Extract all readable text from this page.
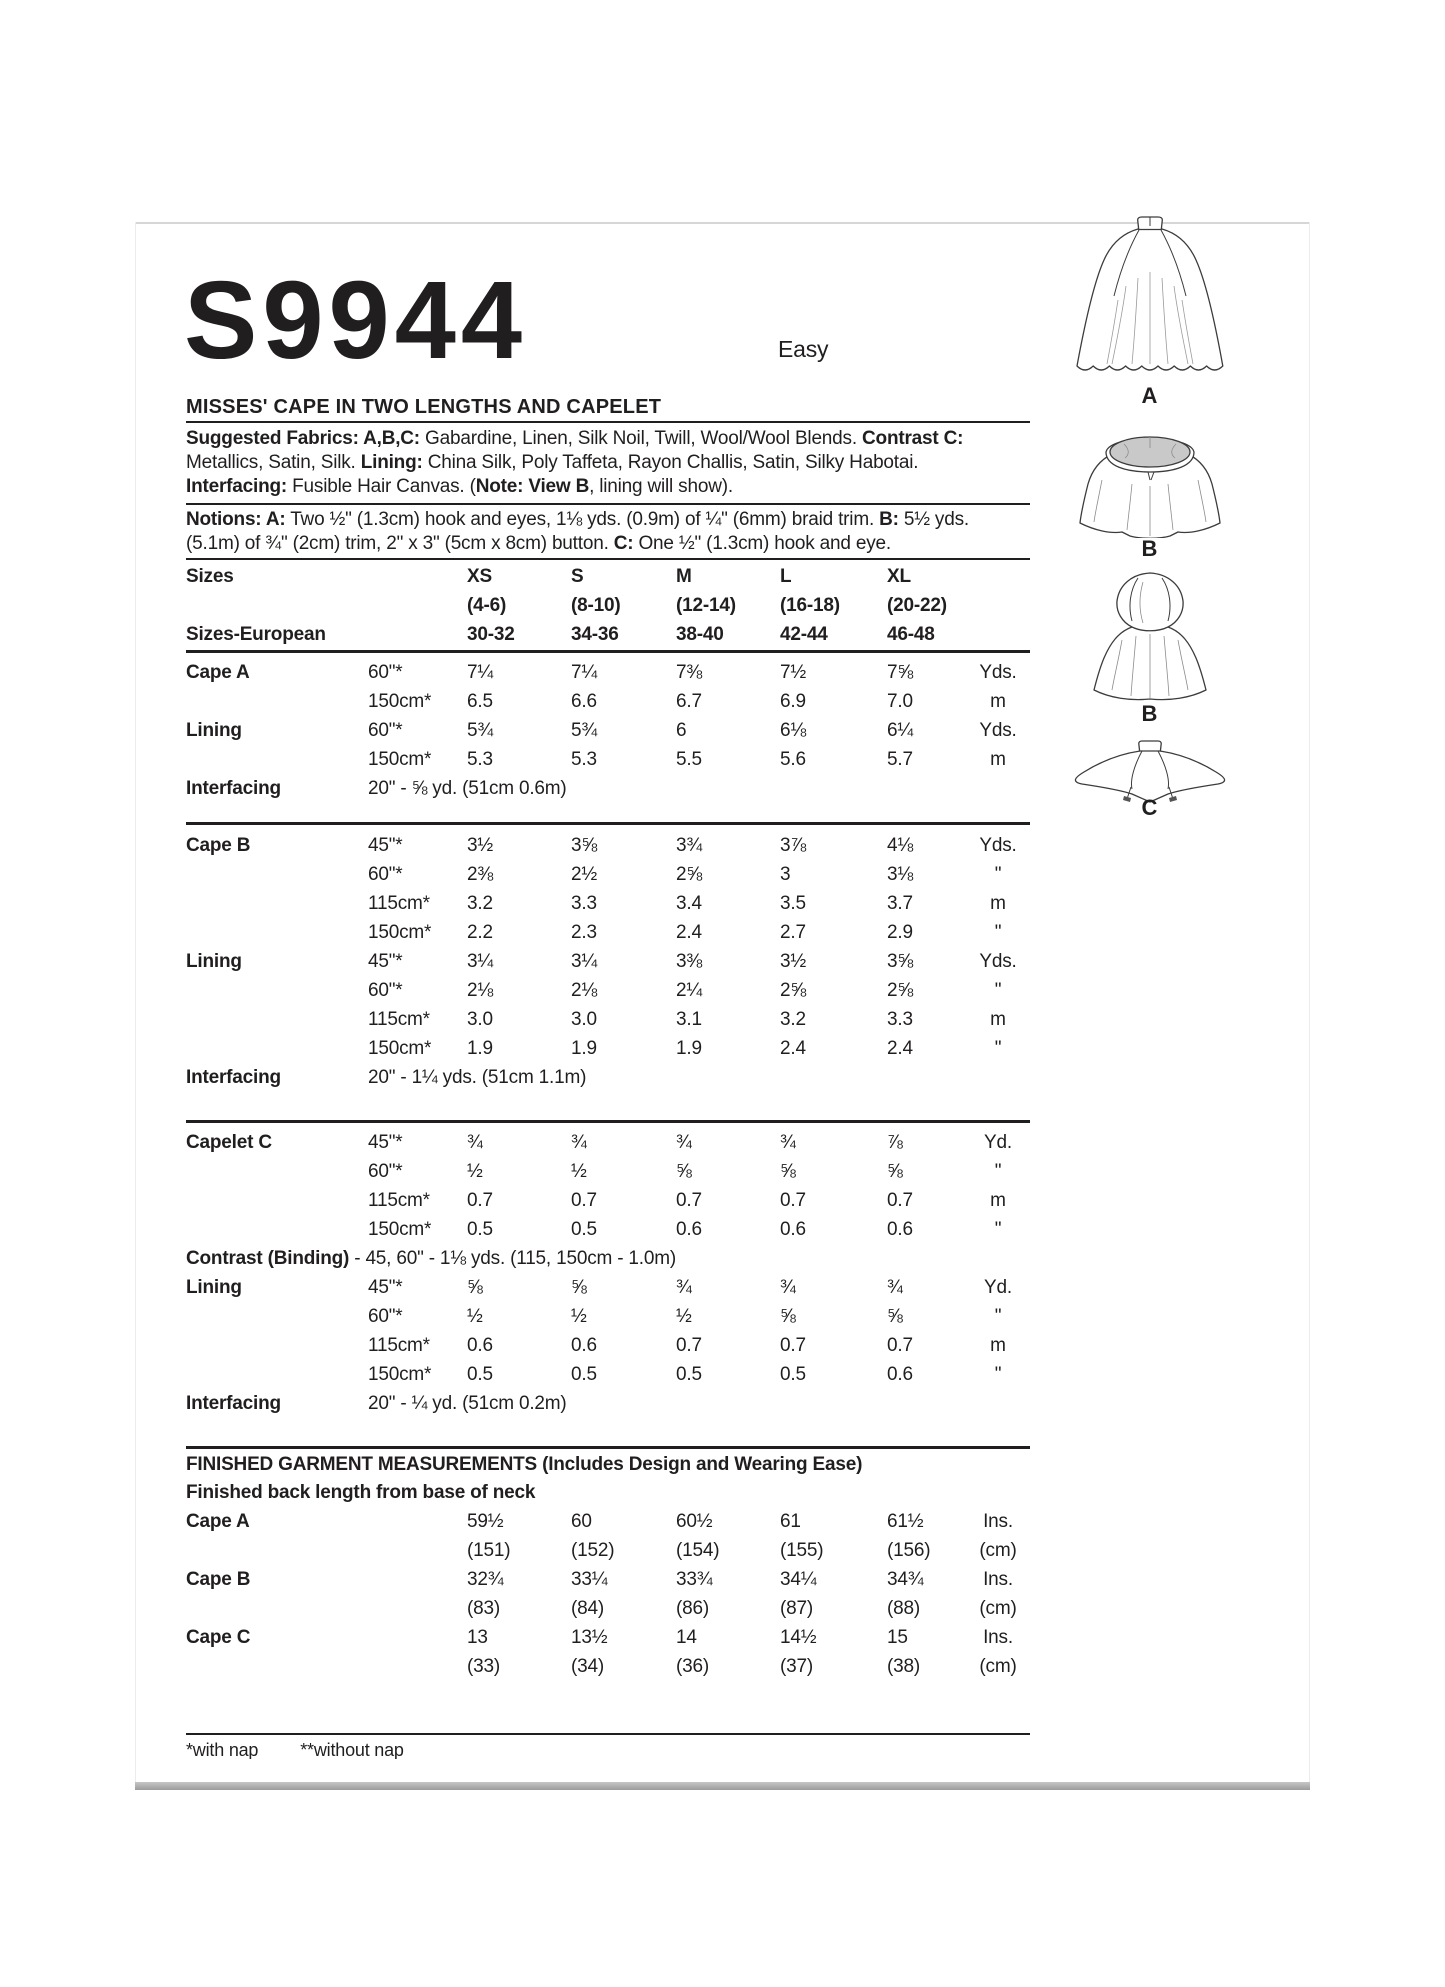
S9944	Easy
MISSES' CAPE IN TWO LENGTHS AND CAPELET
Suggested Fabrics: A,B,C: Gabardine, Linen, Silk Noil, Twill, Wool/Wool Blends. Contrast C:
Metallics, Satin, Silk. Lining: China Silk, Poly Taffeta, Rayon Challis, Satin, Silky Habotai.
Interfacing: Fusible Hair Canvas. (Note: View B, lining will show).
Notions: A: Two ½" (1.3cm) hook and eyes, 1⅛ yds. (0.9m) of ¼" (6mm) braid trim. B: 5½ yds.
(5.1m) of ¾" (2cm) trim, 2" x 3" (5cm x 8cm) button. C: One ½" (1.3cm) hook and eye.
Sizes	XS	S	M	L	XL
(4-6)	(8-10)	(12-14)	(16-18)	(20-22)
Sizes-European	30-32	34-36	38-40	42-44	46-48
Cape A	60"*	7¼	7¼	7⅜	7½	7⅝	Yds.
150cm*	6.5	6.6	6.7	6.9	7.0	m
Lining	60"*	5¾	5¾	6	6⅛	6¼	Yds.
150cm*	5.3	5.3	5.5	5.6	5.7	m
Interfacing	20" - ⅝ yd. (51cm 0.6m)
Cape B	45"*	3½	3⅝	3¾	3⅞	4⅛	Yds.
60"*	2⅜	2½	2⅝	3	3⅛	"
115cm*	3.2	3.3	3.4	3.5	3.7	m
150cm*	2.2	2.3	2.4	2.7	2.9	"
Lining	45"*	3¼	3¼	3⅜	3½	3⅝	Yds.
60"*	2⅛	2⅛	2¼	2⅝	2⅝	"
115cm*	3.0	3.0	3.1	3.2	3.3	m
150cm*	1.9	1.9	1.9	2.4	2.4	"
Interfacing	20" - 1¼ yds. (51cm 1.1m)
Capelet C	45"*	¾	¾	¾	¾	⅞	Yd.
60"*	½	½	⅝	⅝	⅝	"
115cm*	0.7	0.7	0.7	0.7	0.7	m
150cm*	0.5	0.5	0.6	0.6	0.6	"
Contrast (Binding) - 45, 60" - 1⅛ yds. (115, 150cm - 1.0m)
Lining	45"*	⅝	⅝	¾	¾	¾	Yd.
60"*	½	½	½	⅝	⅝	"
115cm*	0.6	0.6	0.7	0.7	0.7	m
150cm*	0.5	0.5	0.5	0.5	0.6	"
Interfacing	20" - ¼ yd. (51cm 0.2m)
FINISHED GARMENT MEASUREMENTS (Includes Design and Wearing Ease)
Finished back length from base of neck
Cape A	59½	60	60½	61	61½	Ins.
(151)	(152)	(154)	(155)	(156)	(cm)
Cape B	32¾	33¼	33¾	34¼	34¾	Ins.
(83)	(84)	(86)	(87)	(88)	(cm)
Cape C	13	13½	14	14½	15	Ins.
(33)	(34)	(36)	(37)	(38)	(cm)
*with nap **without nap
A
B
B
C
